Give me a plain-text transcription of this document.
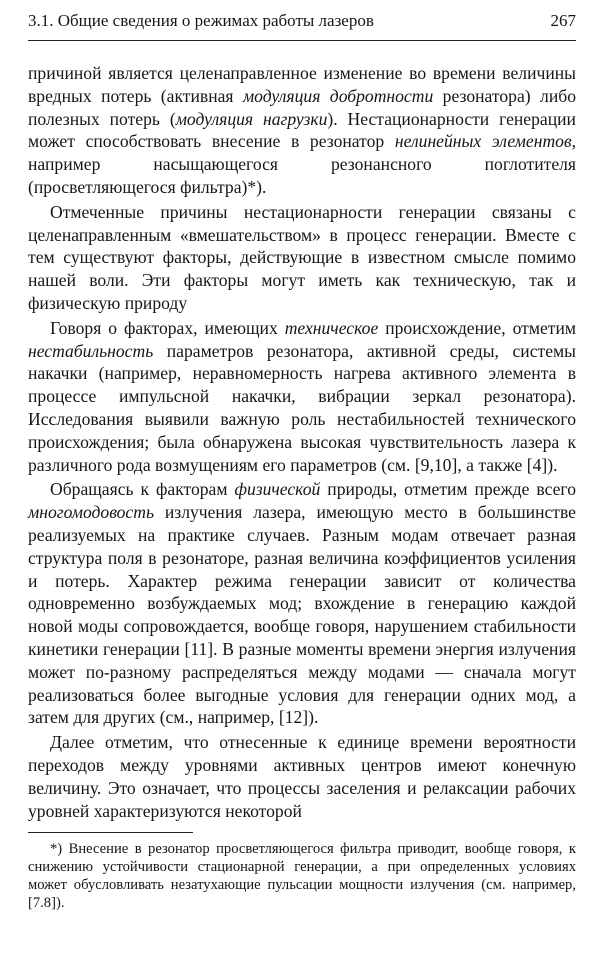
3.1. Общие сведения о режимах работы лазеров	267

причиной является целенаправленное изменение во времени величины вредных потерь (активная модуляция добротности резонатора) либо полезных потерь (модуляция нагрузки). Нестационарности генерации может способствовать внесение в резонатор нелинейных элементов, например насыщающегося резонансного поглотителя (просветляющегося фильтра)*).

Отмеченные причины нестационарности генерации связаны с целенаправленным «вмешательством» в процесс генерации. Вместе с тем существуют факторы, действующие в известном смысле помимо нашей воли. Эти факторы могут иметь как техническую, так и физическую природу

Говоря о факторах, имеющих техническое происхождение, отметим нестабильность параметров резонатора, активной среды, системы накачки (например, неравномерность нагрева активного элемента в процессе импульсной накачки, вибрации зеркал резонатора). Исследования выявили важную роль нестабильностей технического происхождения; была обнаружена высокая чувствительность лазера к различного рода возмущениям его параметров (см. [9,10], а также [4]).

Обращаясь к факторам физической природы, отметим прежде всего многомодовость излучения лазера, имеющую место в большинстве реализуемых на практике случаев. Разным модам отвечает разная структура поля в резонаторе, разная величина коэффициентов усиления и потерь. Характер режима генерации зависит от количества одновременно возбуждаемых мод; вхождение в генерацию каждой новой моды сопровождается, вообще говоря, нарушением стабильности кинетики генерации [11]. В разные моменты времени энергия излучения может по-разному распределяться между модами — сначала могут реализоваться более выгодные условия для генерации одних мод, а затем для других (см., например, [12]).

Далее отметим, что отнесенные к единице времени вероятности переходов между уровнями активных центров имеют конечную величину. Это означает, что процессы заселения и релаксации рабочих уровней характеризуются некоторой

*) Внесение в резонатор просветляющегося фильтра приводит, вообще говоря, к снижению устойчивости стационарной генерации, а при определенных условиях может обусловливать незатухающие пульсации мощности излучения (см. например, [7.8]).
